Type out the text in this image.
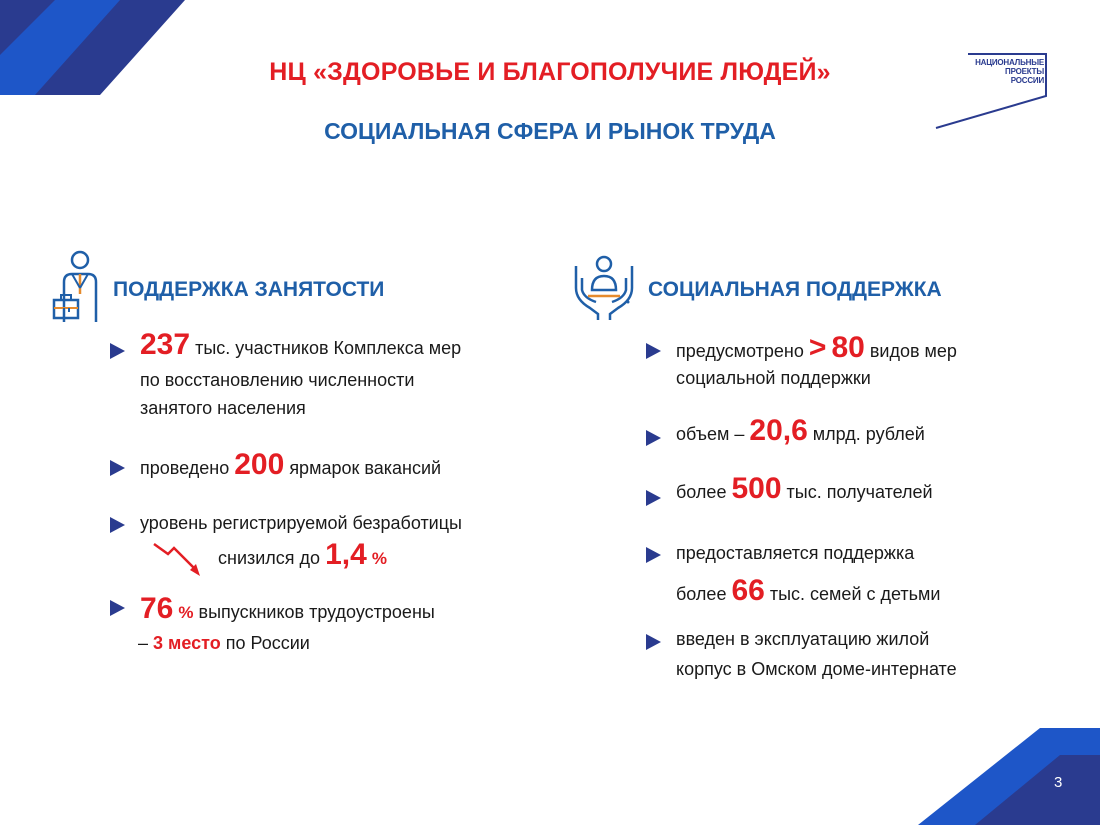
НЦ «ЗДОРОВЬЕ И БЛАГОПОЛУЧИЕ ЛЮДЕЙ»
СОЦИАЛЬНАЯ СФЕРА И РЫНОК ТРУДА
НАЦИОНАЛЬНЫЕ
ПРОЕКТЫ
РОССИИ
ПОДДЕРЖКА ЗАНЯТОСТИ
237 тыс. участников Комплекса мер
по восстановлению численности
занятого населения
проведено 200 ярмарок вакансий
уровень регистрируемой безработицы
снизился до 1,4 %
76 % выпускников трудоустроены
– 3 место по России
СОЦИАЛЬНАЯ ПОДДЕРЖКА
предусмотрено > 80 видов мер
социальной поддержки
объем – 20,6 млрд. рублей
более 500 тыс. получателей
предоставляется поддержка
более 66 тыс. семей с детьми
введен в эксплуатацию жилой
корпус в Омском доме-интернате
3
